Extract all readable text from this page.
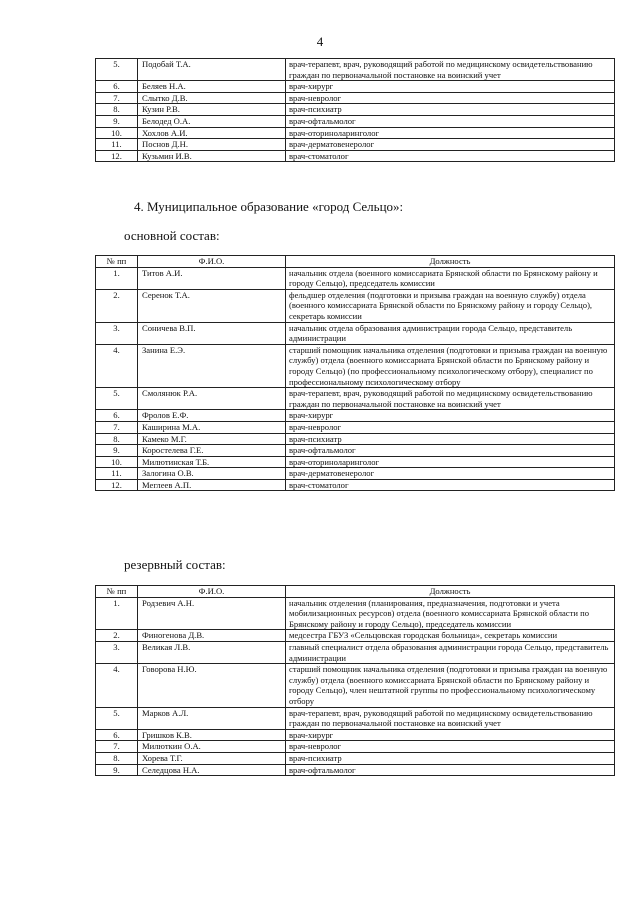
4
5.	Подобай Т.А.	врач-терапевт, врач, руководящий работой по медицинскому освидетельствованию граждан по первоначальной постановке на воинский учет
6.	Беляев Н.А.	врач-хирург
7.	Слытко Д.В.	врач-невролог
8.	Кузин Р.В.	врач-психиатр
9.	Белодед О.А.	врач-офтальмолог
10.	Хохлов А.И.	врач-оториноларинголог
11.	Поснов Д.Н.	врач-дерматовенеролог
12.	Кузьмин И.В.	врач-стоматолог
4. Муниципальное образование «город Сельцо»:
основной состав:
№ пп	Ф.И.О.	Должность
1.	Титов А.И.	начальник отдела (военного комиссариата Брянской области по Брянскому району и городу Сельцо), председатель комиссии
2.	Серенок Т.А.	фельдшер отделения (подготовки и призыва граждан на военную службу) отдела (военного комиссариата Брянской области по Брянскому району и городу Сельцо), секретарь комиссии
3.	Соничева В.П.	начальник отдела образования администрации города Сельцо, представитель администрации
4.	Занина Е.Э.	старший помощник начальника отделения (подготовки и призыва граждан на военную службу) отдела (военного комиссариата Брянской области по Брянскому району и городу Сельцо) (по профессиональному психологическому отбору), специалист по профессиональному психологическому отбору
5.	Смолянюк Р.А.	врач-терапевт, врач, руководящий работой по медицинскому освидетельствованию граждан по первоначальной постановке на воинский учет
6.	Фролов Е.Ф.	врач-хирург
7.	Каширина М.А.	врач-невролог
8.	Камеко М.Г.	врач-психиатр
9.	Коростелева Г.Е.	врач-офтальмолог
10.	Милютинская Т.Б.	врач-оториноларинголог
11.	Залогина О.В.	врач-дерматовенеролог
12.	Меглеев А.П.	врач-стоматолог
резервный состав:
№ пп	Ф.И.О.	Должность
1.	Родзевич А.Н.	начальник отделения (планирования, предназначения, подготовки и учета мобилизационных ресурсов) отдела (военного комиссариата Брянской области по Брянскому району и городу Сельцо), председатель комиссии
2.	Финогенова Д.В.	медсестра ГБУЗ «Сельцовская городская больница», секретарь комиссии
3.	Великая Л.В.	главный специалист отдела образования администрации города Сельцо, представитель администрации
4.	Говорова Н.Ю.	старший помощник начальника отделения (подготовки и призыва граждан на военную службу) отдела (военного комиссариата Брянской области по Брянскому району и городу Сельцо), член нештатной группы по профессиональному психологическому отбору
5.	Марков А.Л.	врач-терапевт, врач, руководящий работой по медицинскому освидетельствованию граждан по первоначальной постановке на воинский учет
6.	Гришков К.В.	врач-хирург
7.	Милюткин О.А.	врач-невролог
8.	Хорева Т.Г.	врач-психиатр
9.	Селедцова Н.А.	врач-офтальмолог
